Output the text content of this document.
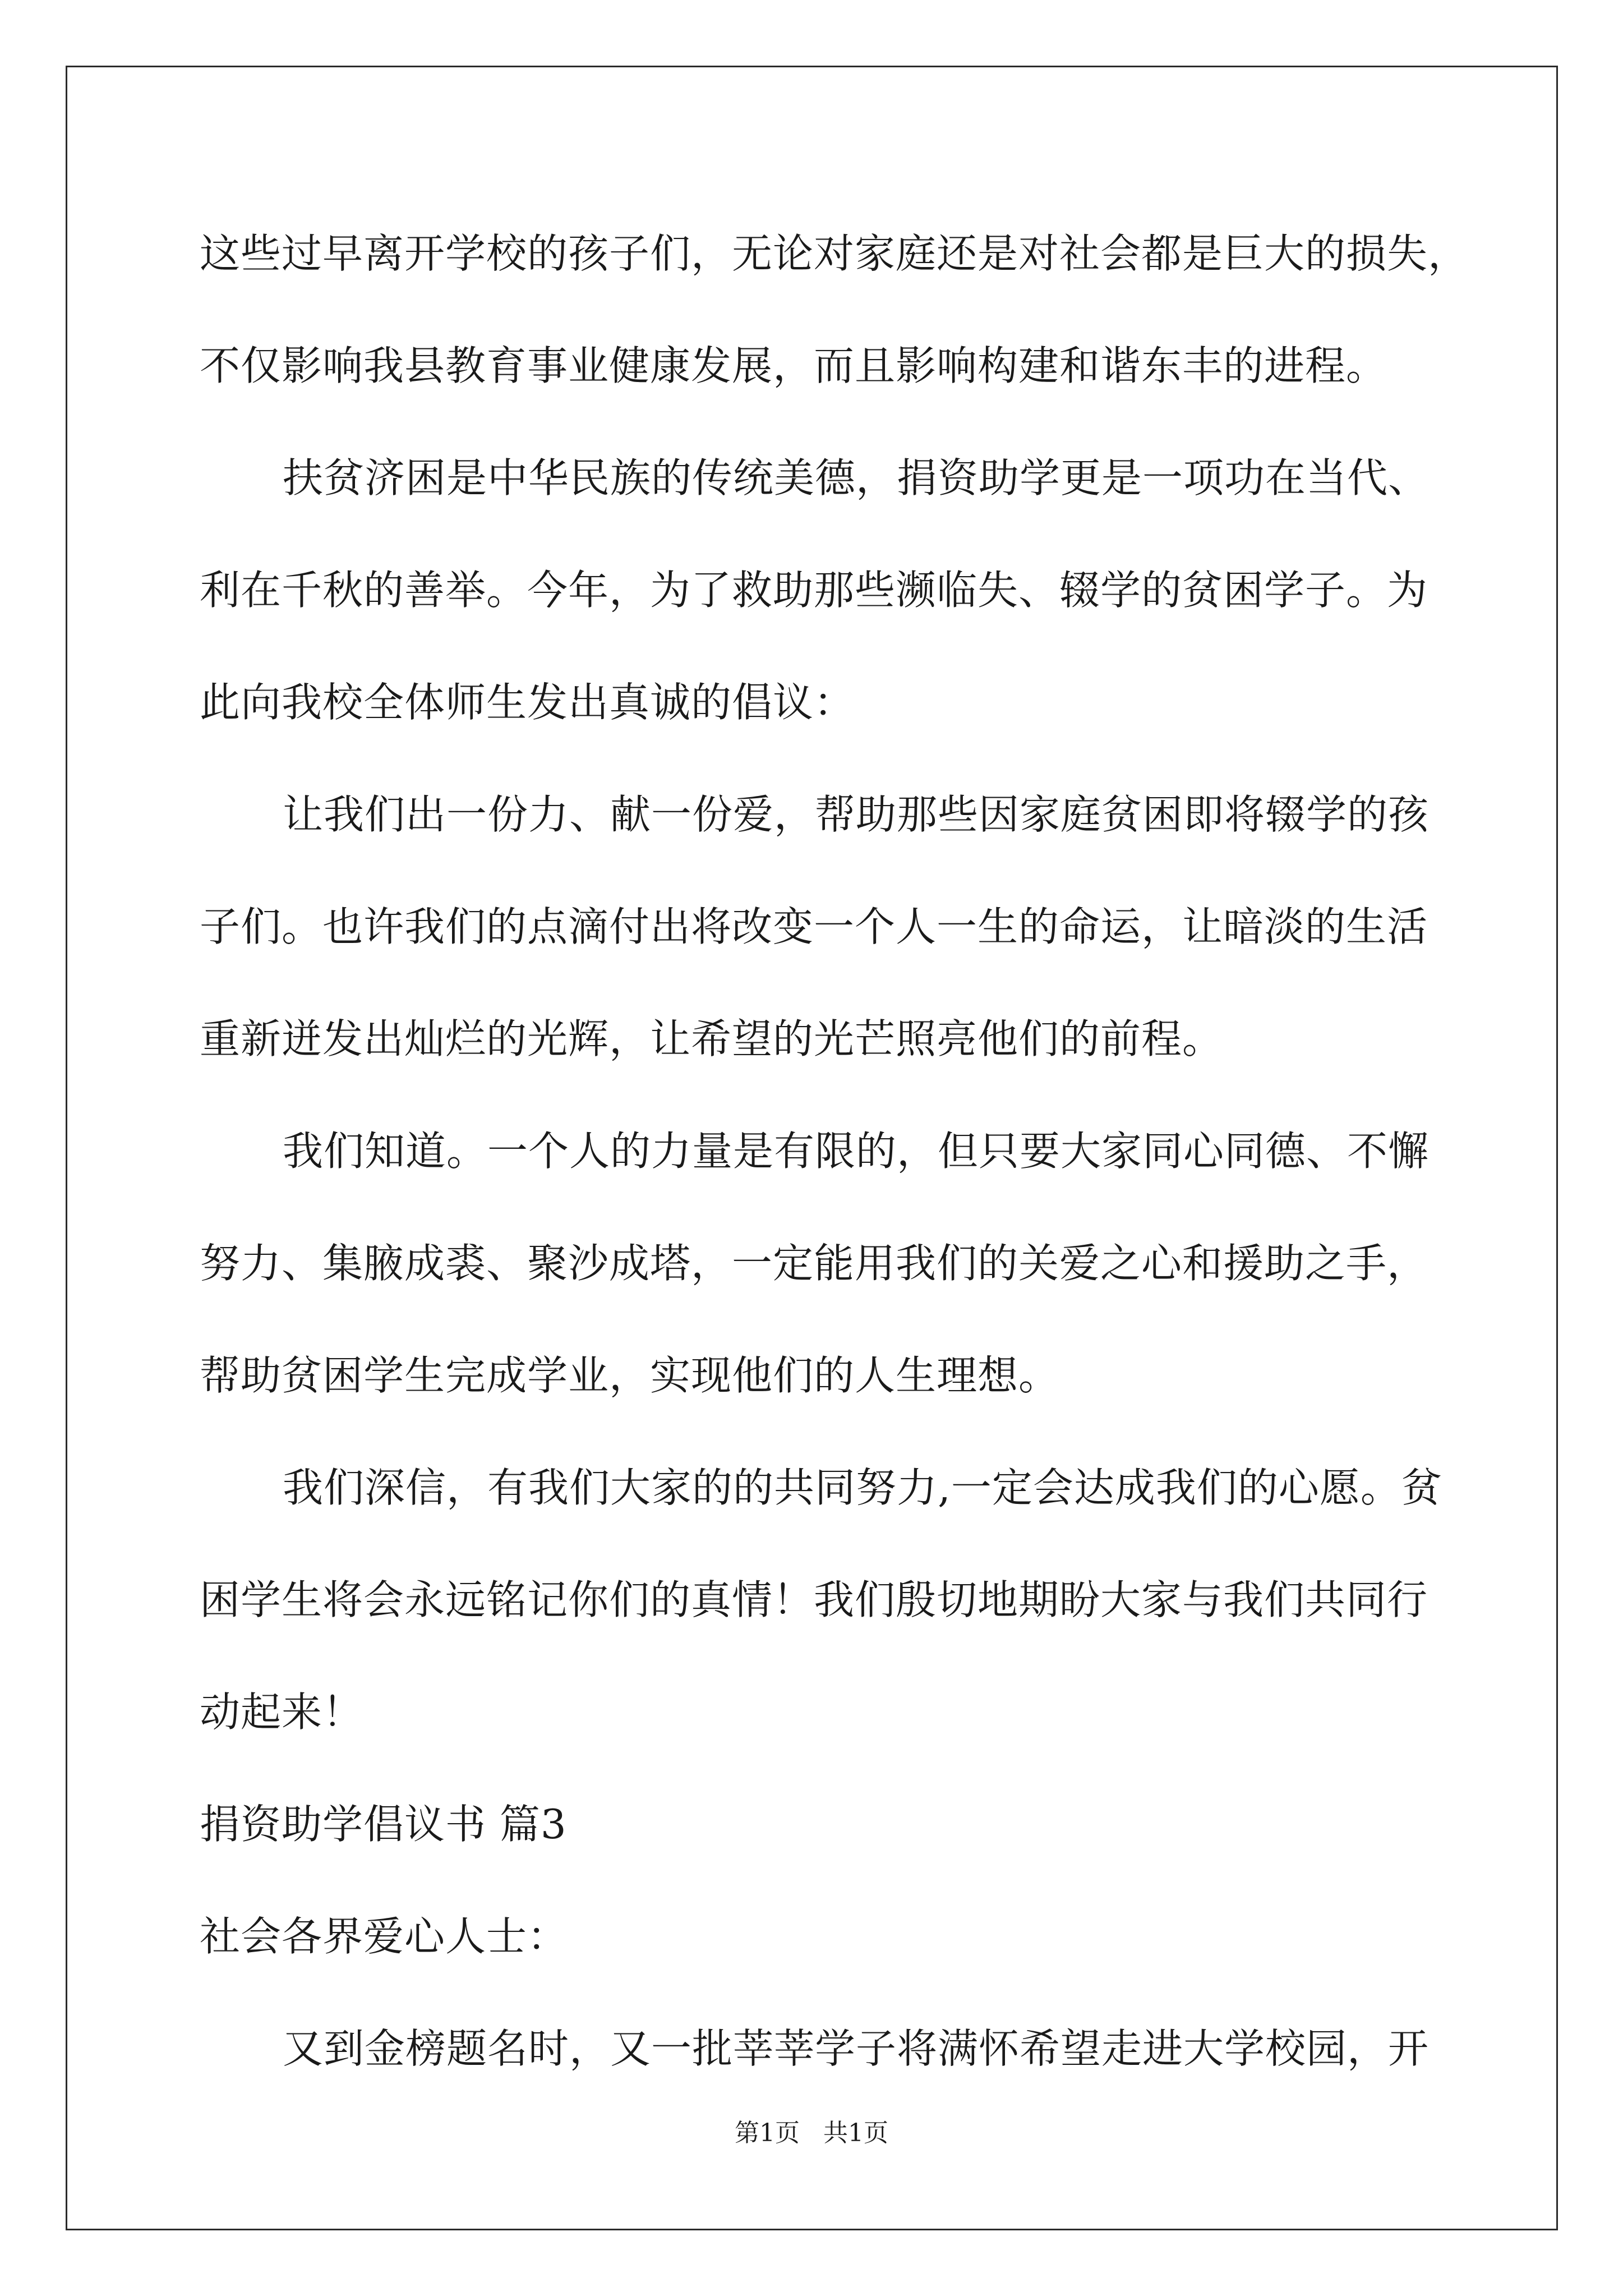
这些过早离开学校的孩子们，无论对家庭还是对社会都是巨大的损失，
不仅影响我县教育事业健康发展，而且影响构建和谐东丰的进程。
扶贫济困是中华民族的传统美德，捐资助学更是一项功在当代、
利在千秋的善举。今年，为了救助那些濒临失、辍学的贫困学子。为
此向我校全体师生发出真诚的倡议：
让我们出一份力、献一份爱，帮助那些因家庭贫困即将辍学的孩
子们。也许我们的点滴付出将改变一个人一生的命运，让暗淡的生活
重新迸发出灿烂的光辉，让希望的光芒照亮他们的前程。
我们知道。一个人的力量是有限的，但只要大家同心同德、不懈
努力、集腋成裘、聚沙成塔，一定能用我们的关爱之心和援助之手，
帮助贫困学生完成学业，实现他们的人生理想。
我们深信，有我们大家的的共同努力,一定会达成我们的心愿。贫
困学生将会永远铭记你们的真情！我们殷切地期盼大家与我们共同行
动起来！
捐资助学倡议书 篇3
社会各界爱心人士：
又到金榜题名时，又一批莘莘学子将满怀希望走进大学校园，开
第1页   共1页
